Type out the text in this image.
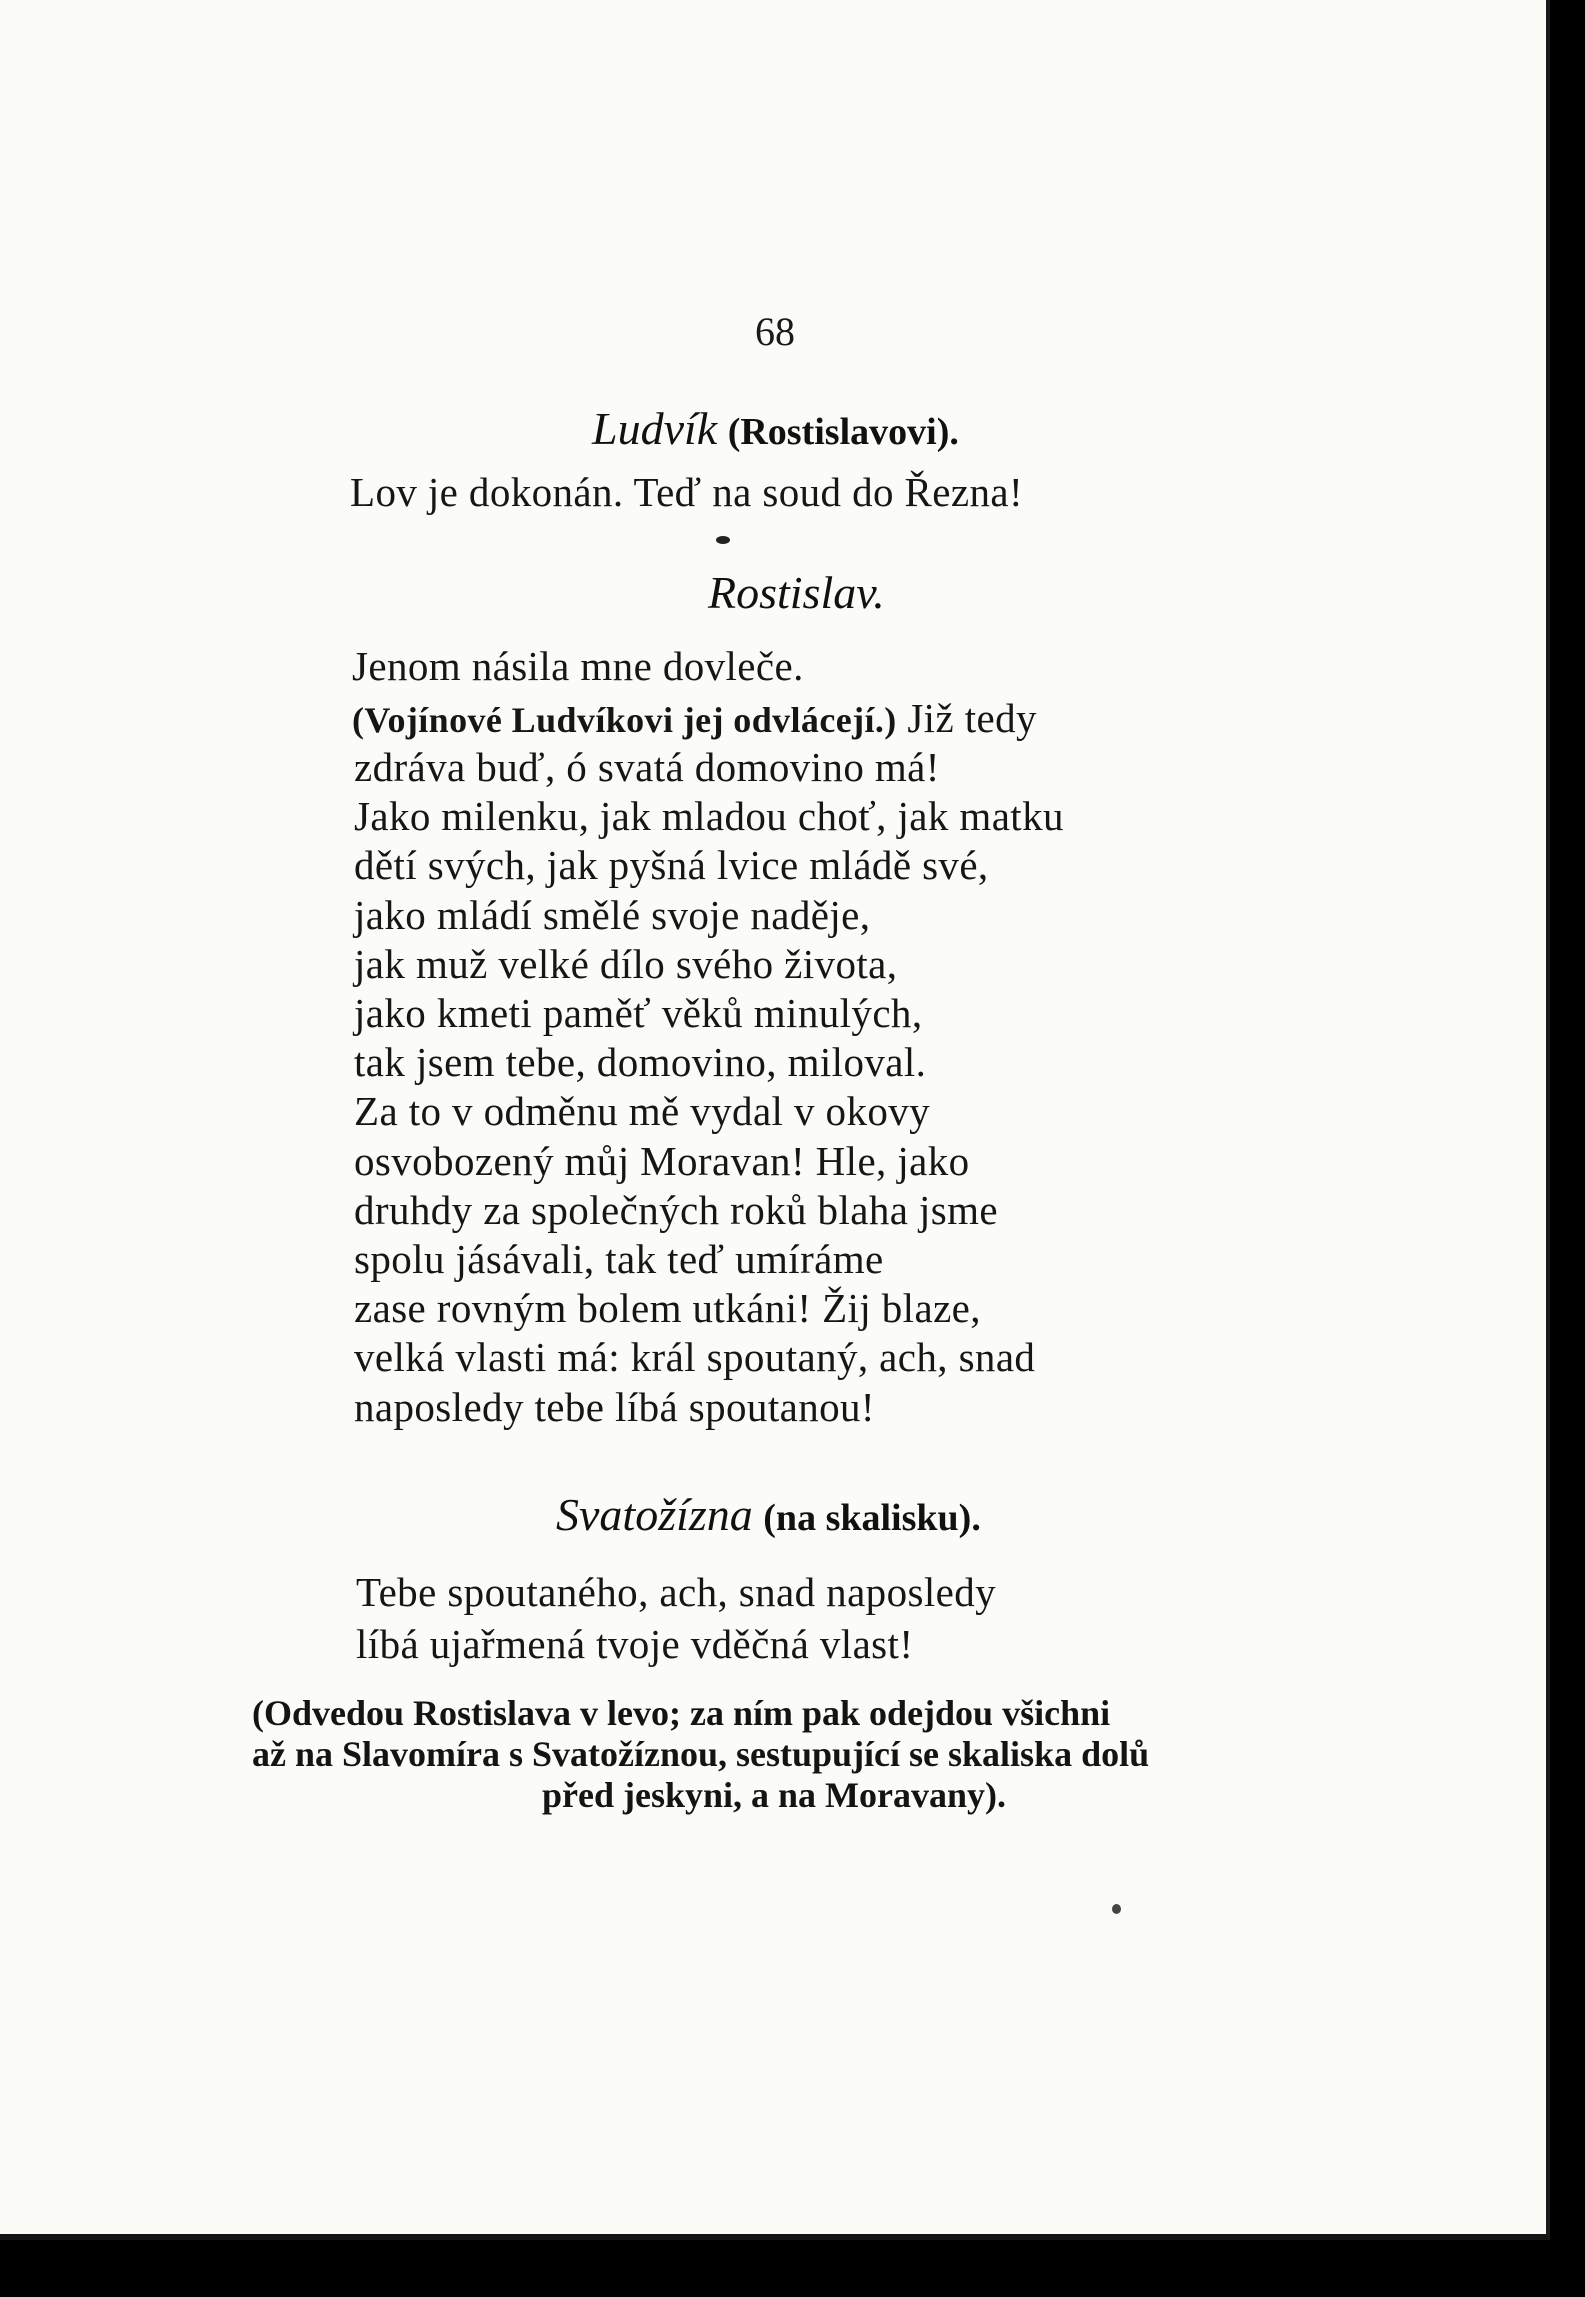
68
Ludvík (Rostislavovi).
Lov je dokonán. Teď na soud do Řezna!
Rostislav.
Jenom násila mne dovleče.
(Vojínové Ludvíkovi jej odvlácejí.) Již tedy
zdráva buď, ó svatá domovino má!
Jako milenku, jak mladou choť, jak matku
dětí svých, jak pyšná lvice mládě své,
jako mládí smělé svoje naděje,
jak muž velké dílo svého života,
jako kmeti paměť věků minulých,
tak jsem tebe, domovino, miloval.
Za to v odměnu mě vydal v okovy
osvobozený můj Moravan! Hle, jako
druhdy za společných roků blaha jsme
spolu jásávali, tak teď umíráme
zase rovným bolem utkáni! Žij blaze,
velká vlasti má: král spoutaný, ach, snad
naposledy tebe líbá spoutanou!
Svatožízna (na skalisku).
Tebe spoutaného, ach, snad naposledy
líbá ujařmená tvoje vděčná vlast!
(Odvedou Rostislava v levo; za ním pak odejdou všichni
až na Slavomíra s Svatožíznou, sestupující se skaliska dolů
před jeskyni, a na Moravany).
